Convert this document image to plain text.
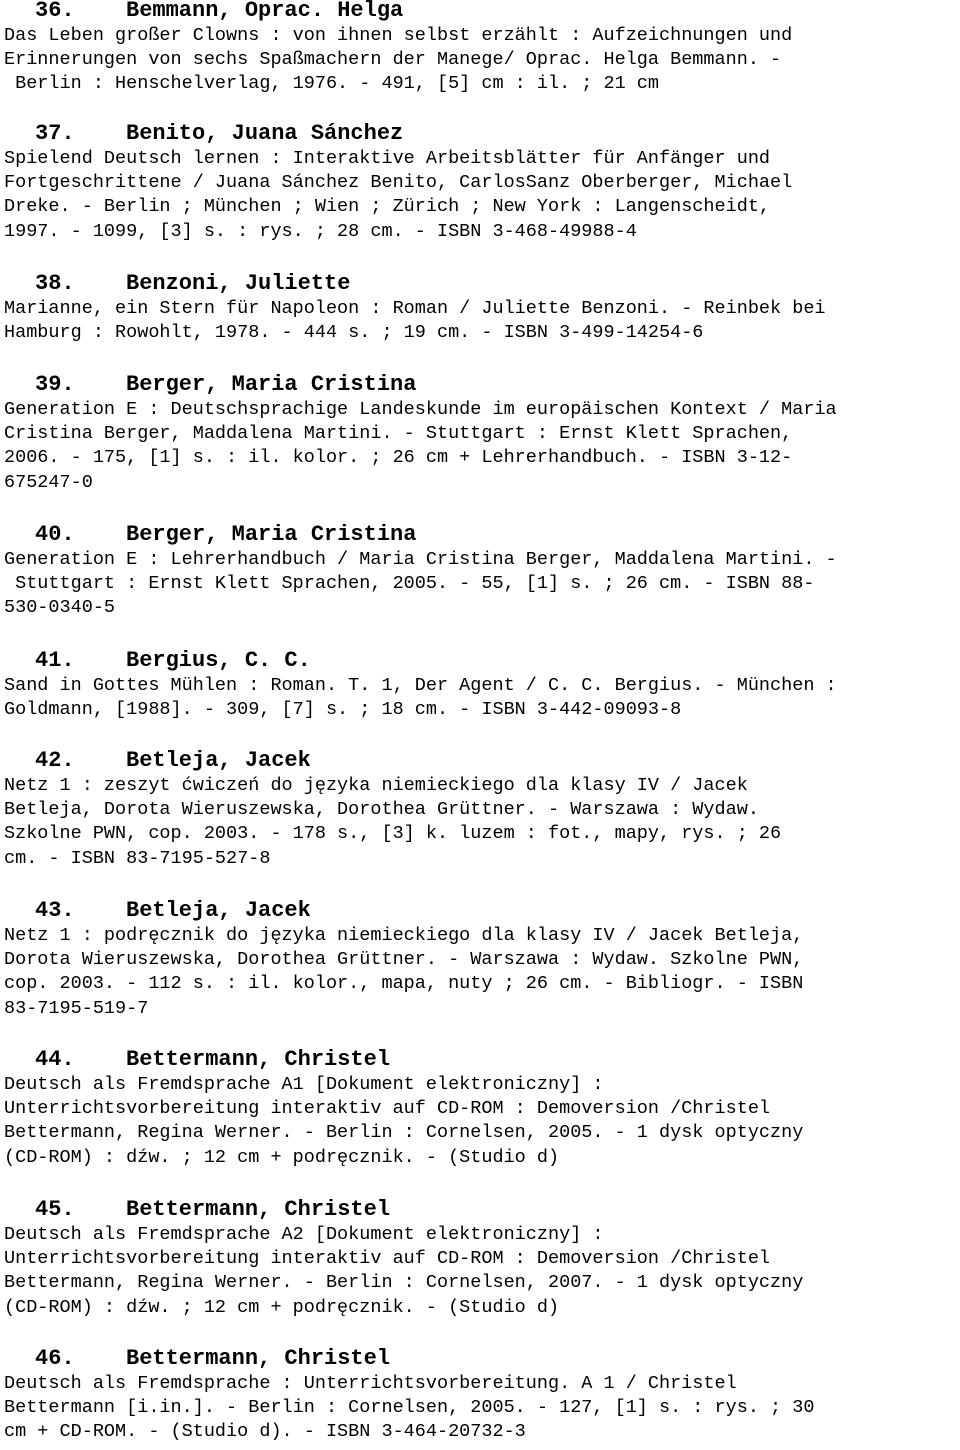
36.

Bemmann, Oprac. Helga

Das Leben großer Clowns : von ihnen selbst erzählt : Aufzeichnungen und
Erinnerungen von sechs Spaßmachern der Manege/ Oprac. Helga Bemmann. -
Berlin : Henschelverlag, 1976. - 491, [5] cm : il. ; 21 cm

37.

Benito, Juana Sánchez

Spielend Deutsch lernen : Interaktive Arbeitsblätter für Anfänger und
Fortgeschrittene / Juana Sánchez Benito, CarlosSanz Oberberger, Michael
Dreke. - Berlin ; München ; Wien ; Zürich ; New York : Langenscheidt,
1997. - 1099, [3] s. : rys. ; 28 cm. - ISBN 3-468-49988-4

38.

Benzoni, Juliette

Marianne, ein Stern für Napoleon : Roman / Juliette Benzoni. - Reinbek bei
Hamburg : Rowohlt, 1978. - 444 s. ; 19 cm. - ISBN 3-499-14254-6

39.

Berger, Maria Cristina

Generation E : Deutschsprachige Landeskunde im europäischen Kontext / Maria
Cristina Berger, Maddalena Martini. - Stuttgart : Ernst Klett Sprachen,
2006. - 175, [1] s. : il. kolor. ; 26 cm + Lehrerhandbuch. - ISBN 3-12-
675247-0

40.

Berger, Maria Cristina

Generation E : Lehrerhandbuch / Maria Cristina Berger, Maddalena Martini. -
Stuttgart : Ernst Klett Sprachen, 2005. - 55, [1] s. ; 26 cm. - ISBN 88-
530-0340-5

41.

Bergius, C. C.

Sand in Gottes Mühlen : Roman. T. 1, Der Agent / C. C. Bergius. - München :
Goldmann, [1988]. - 309, [7] s. ; 18 cm. - ISBN 3-442-09093-8

42.

Betleja, Jacek

Netz 1 : zeszyt ćwiczeń do języka niemieckiego dla klasy IV / Jacek
Betleja, Dorota Wieruszewska, Dorothea Grüttner. - Warszawa : Wydaw.
Szkolne PWN, cop. 2003. - 178 s., [3] k. luzem : fot., mapy, rys. ; 26
cm. - ISBN 83-7195-527-8

43.

Betleja, Jacek

Netz 1 : podręcznik do języka niemieckiego dla klasy IV / Jacek Betleja,
Dorota Wieruszewska, Dorothea Grüttner. - Warszawa : Wydaw. Szkolne PWN,
cop. 2003. - 112 s. : il. kolor., mapa, nuty ; 26 cm. - Bibliogr. - ISBN
83-7195-519-7

44.

Bettermann, Christel

Deutsch als Fremdsprache A1 [Dokument elektroniczny] :
Unterrichtsvorbereitung interaktiv auf CD-ROM : Demoversion /Christel
Bettermann, Regina Werner. - Berlin : Cornelsen, 2005. - 1 dysk optyczny
(CD-ROM) : dźw. ; 12 cm + podręcznik. - (Studio d)

45.

Bettermann, Christel

Deutsch als Fremdsprache A2 [Dokument elektroniczny] :
Unterrichtsvorbereitung interaktiv auf CD-ROM : Demoversion /Christel
Bettermann, Regina Werner. - Berlin : Cornelsen, 2007. - 1 dysk optyczny
(CD-ROM) : dźw. ; 12 cm + podręcznik. - (Studio d)

46.

Bettermann, Christel

Deutsch als Fremdsprache : Unterrichtsvorbereitung. A 1 / Christel
Bettermann [i.in.]. - Berlin : Cornelsen, 2005. - 127, [1] s. : rys. ; 30
cm + CD-ROM. - (Studio d). - ISBN 3-464-20732-3
